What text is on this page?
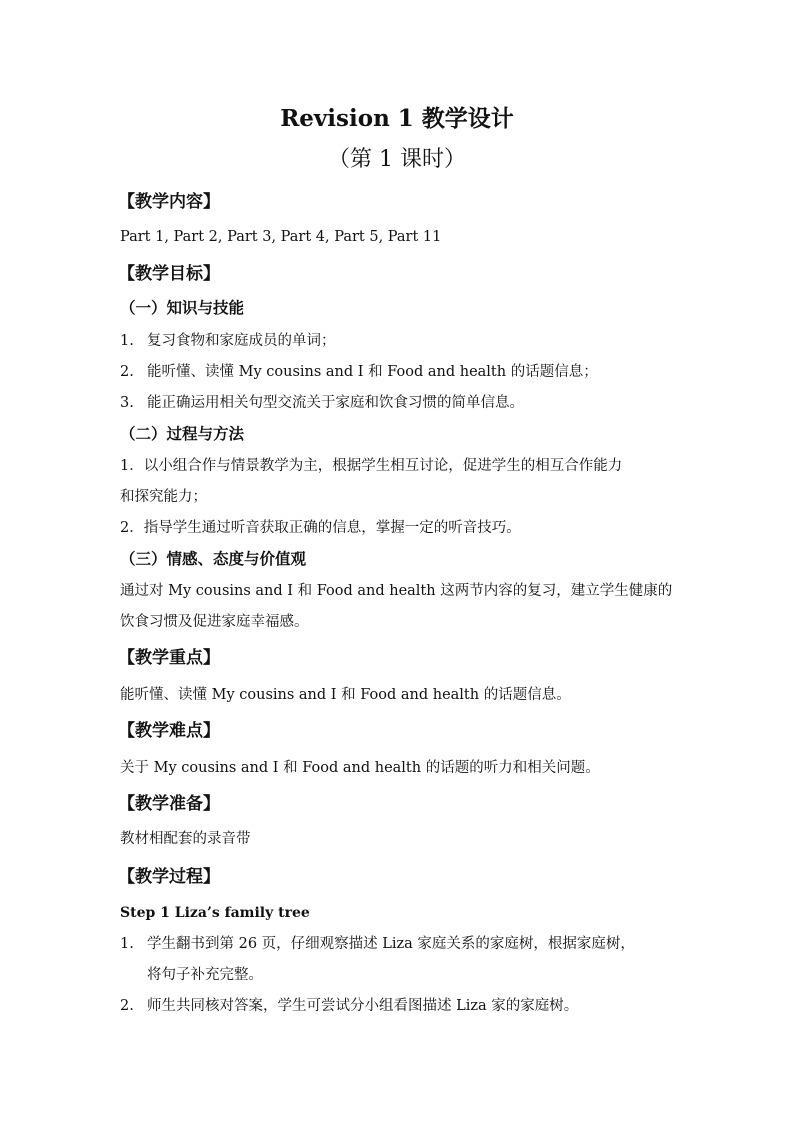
Revision 1 教学设计
（第 1 课时）
【教学内容】
Part 1, Part 2, Part 3, Part 4, Part 5, Part 11
【教学目标】
（一）知识与技能
1. 复习食物和家庭成员的单词；
2. 能听懂、读懂 My cousins and I 和 Food and health 的话题信息；
3. 能正确运用相关句型交流关于家庭和饮食习惯的简单信息。
（二）过程与方法
1．以小组合作与情景教学为主，根据学生相互讨论，促进学生的相互合作能力
和探究能力；
2．指导学生通过听音获取正确的信息，掌握一定的听音技巧。
（三）情感、态度与价值观
通过对 My cousins and I 和 Food and health 这两节内容的复习，建立学生健康的
饮食习惯及促进家庭幸福感。
【教学重点】
能听懂、读懂 My cousins and I 和 Food and health 的话题信息。
【教学难点】
关于 My cousins and I 和 Food and health 的话题的听力和相关问题。
【教学准备】
教材相配套的录音带
【教学过程】
Step 1 Liza’s family tree
1. 学生翻书到第 26 页，仔细观察描述 Liza 家庭关系的家庭树，根据家庭树，
将句子补充完整。
2. 师生共同核对答案，学生可尝试分小组看图描述 Liza 家的家庭树。
